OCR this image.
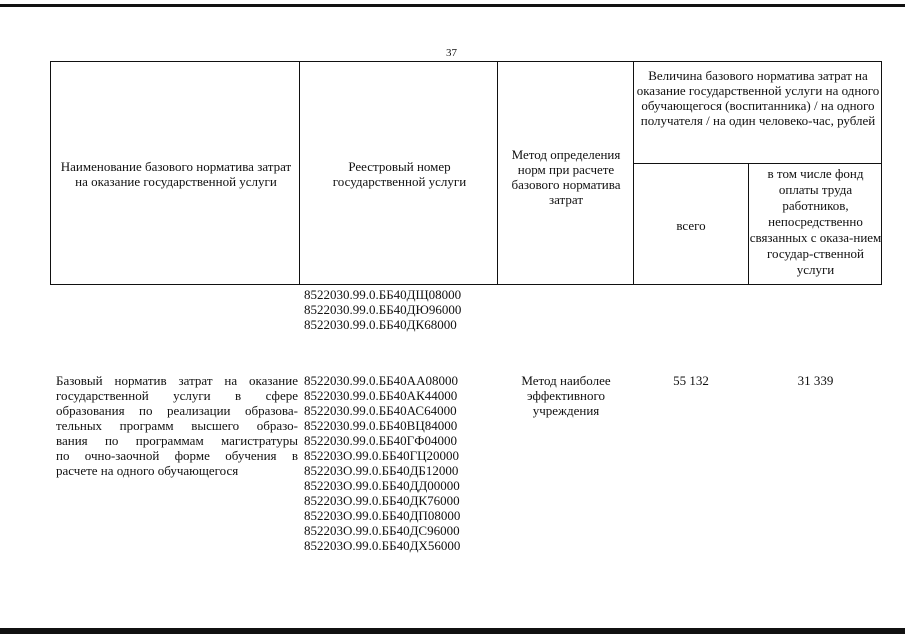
37
Наименование базового норматива затрат на оказание государственной услуги
Реестровый номер государственной услуги
Метод определения норм при расчете базового норматива затрат
Величина базового норматива затрат на оказание государственной услуги на одного обучающегося (воспитанника) / на одного получателя / на один человеко-час, рублей
всего
в том числе фонд оплаты труда работников, непосредственно связанных с оказа-нием государ-ственной услуги
8522030.99.0.ББ40ДЩ08000
8522030.99.0.ББ40ДЮ96000
8522030.99.0.ББ40ДК68000
Базовый норматив затрат на оказание
государственной услуги в сфере
образования по реализации образова-
тельных программ высшего образо-
вания по программам магистратуры
по очно-заочной форме обучения в
расчете на одного обучающегося
8522030.99.0.ББ40АА08000
8522030.99.0.ББ40АК44000
8522030.99.0.ББ40АС64000
8522030.99.0.ББ40ВЦ84000
8522030.99.0.ББ40ГФ04000
852203О.99.0.ББ40ГЦ20000
852203О.99.0.ББ40ДБ12000
852203О.99.0.ББ40ДД00000
852203О.99.0.ББ40ДК76000
852203О.99.0.ББ40ДП08000
852203О.99.0.ББ40ДС96000
852203О.99.0.ББ40ДХ56000
Метод наиболее эффективного учреждения
55 132	31 339
